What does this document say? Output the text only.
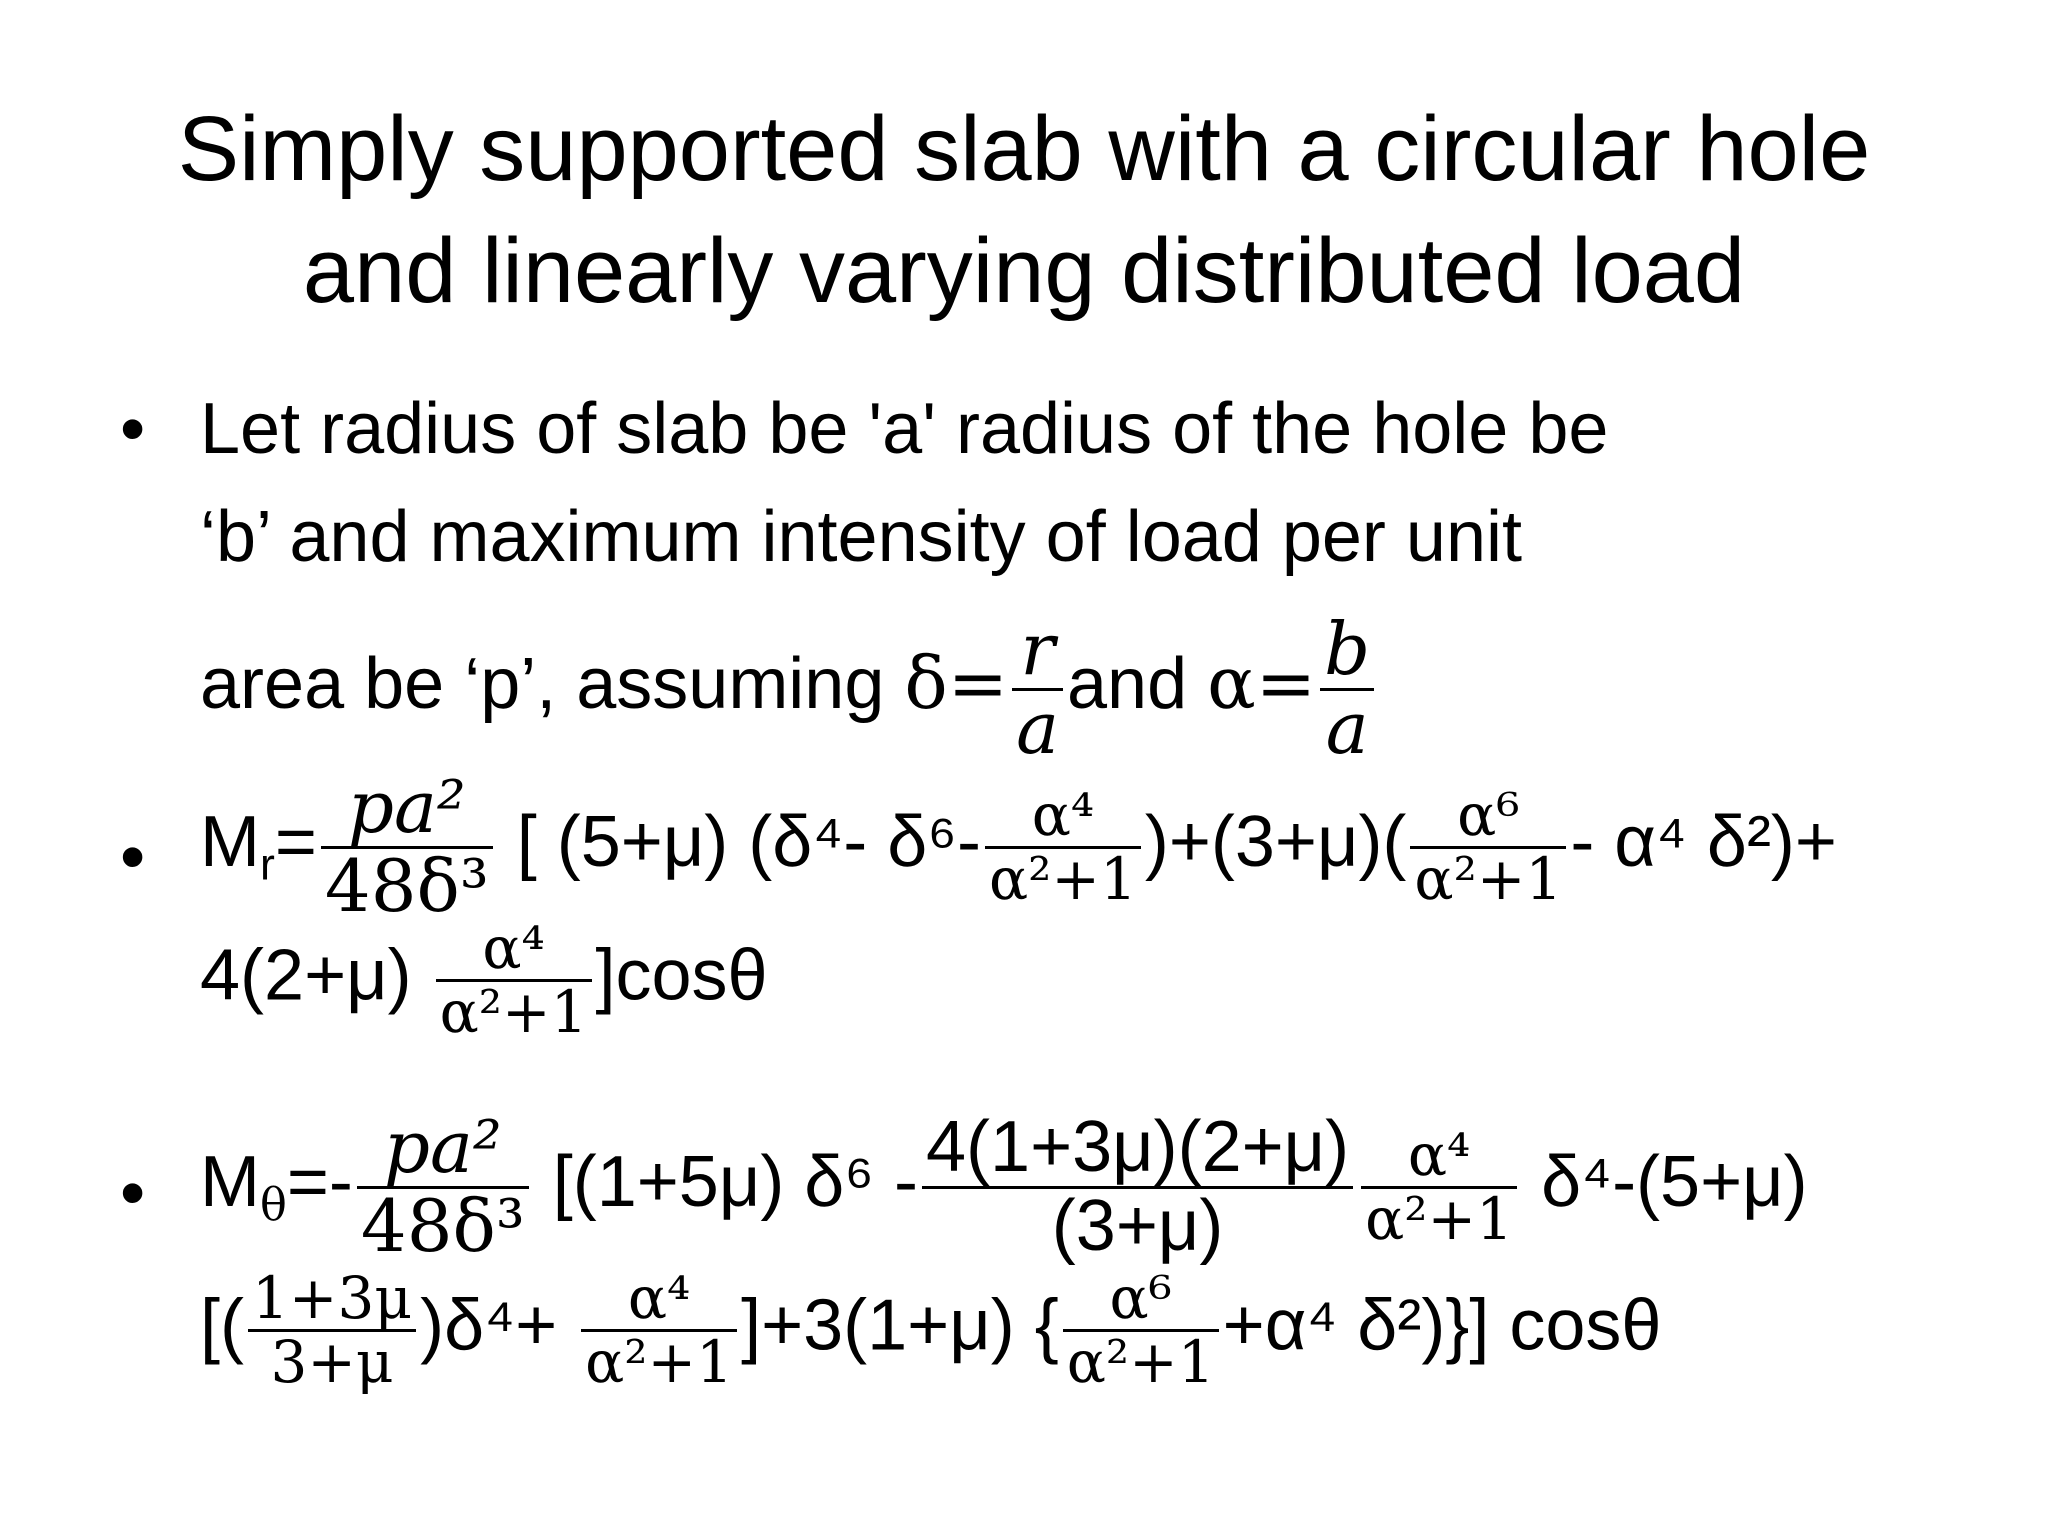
Simply supported slab with a circular hole
and linearly varying distributed load
• Let radius of slab be 'a' radius of the hole be
‘b’ and maximum intensity of load per unit
area be ‘p’, assuming $\delta= \frac{r}{a}$ and $\alpha= \frac{b}{a}$
• $M_r= \frac{\text{pa²}}{\text{48δ³}}$ [ (5+μ) (δ⁴- $\delta^6- \frac{\text{α⁴}}{\text{α²+1}} )+(3+\mu)( \frac{\text{α⁶}}{\text{α²+1}} - \alpha^4$ δ²)+
$4(2+\mu) \frac{\text{α⁴}}{\text{α²+1}} ]\cos\theta$
• $M_\theta=- \frac{\text{pa²}}{\text{48δ³}} [(1+5\mu)$ $\delta^6 - \frac{4(1+3\mu)(2+\mu)}{(3+\mu)} \frac{\text{α⁴}}{\text{α²+1}} \delta^4-(5+\mu)$
[( $\frac{1+3\mu}{3+\mu} )\delta^4+ \frac{\text{α⁴}}{\text{α²+1}} ]+3(1+\mu)$ { $\frac{\text{α⁶}}{\text{α²+1}} +\alpha^4$ δ²)}] cosθ
